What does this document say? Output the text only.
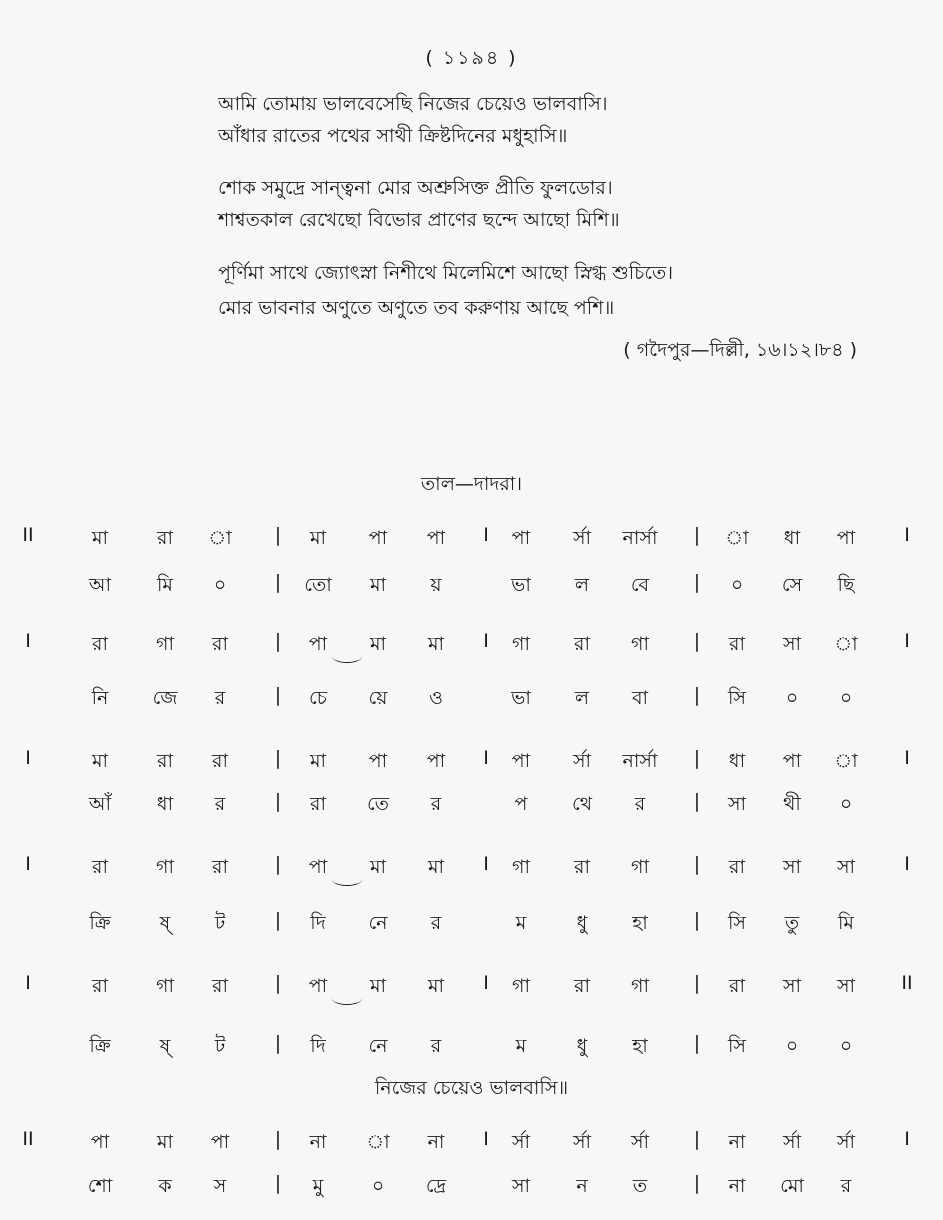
( ১১৯৪ )
আমি তোমায় ভালবেসেছি নিজের চেয়েও ভালবাসি।
আঁধার রাতের পথের সাথী ক্রিষ্টদিনের মধুহাসি॥
শোক সমুদ্রে সান্ত্বনা মোর অশ্রুসিক্ত প্রীতি ফুলডোর।
শাশ্বতকাল রেখেছো বিভোর প্রাণের ছন্দে আছো মিশি॥
পূর্ণিমা সাথে জ্যোৎস্না নিশীথে মিলেমিশে আছো স্নিগ্ধ শুচিতে।
মোর ভাবনার অণুতে অণুতে তব করুণায় আছে পশি॥
( গদৈপুর—দিল্লী, ১৬।১২।৮৪ )
তাল—দাদরা।
নিজের চেয়েও ভালবাসি॥
II	মা	রা া | মা পা পা I পা র্সা নার্সা | া ধা পা	I
আ মি ০	| তো মা য়	ভা ল বে | ০ সে ছি
I	রা	গা রা | পা মা মা I গা রা গা | রা সা া I
নি জে র	| চে য়ে ও	ভা ল বা | সি ০ ০
I	মা	রা রা | মা পা পা I পা র্সা নার্সা | ধা পা া I
আঁ ধা র	| রা তে র	প থে র	| সা থী ০
I	রা	গা রা | পা মা মা I গা রা গা | রা সা সা	I
ক্রি	ষ্ ট	| দি নে র	ম	ধু হা | সি তু মি
I	রা	গা রা | পা মা মা I গা রা গা | রা সা সা II
ক্রি	ষ্ ট	| দি নে র	ম	ধু হা | সি ০ ০
II	পা	মা পা | না া না I র্সা র্সা র্সা | না র্সা র্সা	I
শো ক স	| মু	০ দ্রে	সা ন ত | না মো র
